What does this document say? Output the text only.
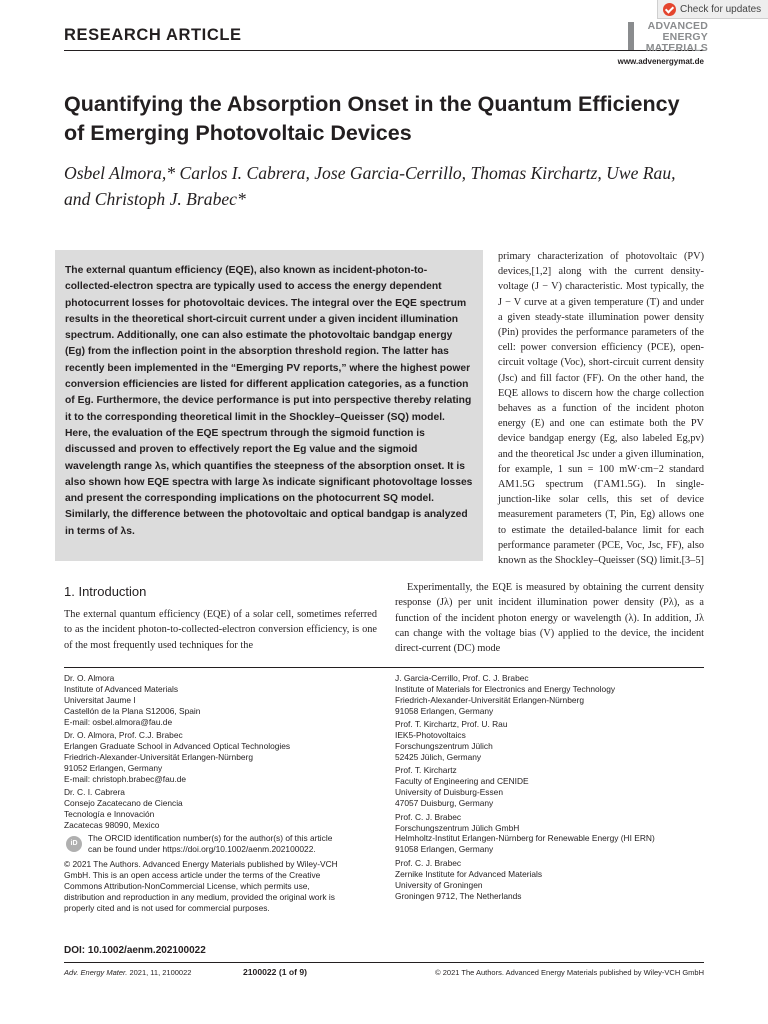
RESEARCH ARTICLE
Check for updates
ADVANCED
ENERGY
MATERIALS
www.advenergymat.de
Quantifying the Absorption Onset in the Quantum Efficiency of Emerging Photovoltaic Devices

Osbel Almora,* Carlos I. Cabrera, Jose Garcia-Cerrillo, Thomas Kirchartz, Uwe Rau, and Christoph J. Brabec*

The external quantum efficiency (EQE), also known as incident-photon-to-collected-electron spectra are typically used to access the energy dependent photocurrent losses for photovoltaic devices. The integral over the EQE spectrum results in the theoretical short-circuit current under a given incident illumination spectrum. Additionally, one can also estimate the photovoltaic bandgap energy (Eg) from the inflection point in the absorption threshold region. The latter has recently been implemented in the “Emerging PV reports,” where the highest power conversion efficiencies are listed for different application categories, as a function of Eg. Furthermore, the device performance is put into perspective thereby relating it to the corresponding theoretical limit in the Shockley–Queisser (SQ) model. Here, the evaluation of the EQE spectrum through the sigmoid function is discussed and proven to effectively report the Eg value and the sigmoid wavelength range λs, which quantifies the steepness of the absorption onset. It is also shown how EQE spectra with large λs indicate significant photovoltage losses and present the corresponding implications on the photocurrent SQ model. Similarly, the difference between the photovoltaic and optical bandgap is analyzed in terms of λs.

primary characterization of photovoltaic (PV) devices,[1,2] along with the current density-voltage (J − V) characteristic. Most typically, the J − V curve at a given temperature (T) and under a given steady-state illumination power density (Pin) provides the performance parameters of the cell: power conversion efficiency (PCE), open-circuit voltage (Voc), short-circuit current density (Jsc) and fill factor (FF). On the other hand, the EQE allows to discern how the charge collection behaves as a function of the incident photon energy (E) and one can estimate both the PV device bandgap energy (Eg, also labeled Eg,pv) and the theoretical Jsc under a given illumination, for example, 1 sun = 100 mW·cm−2 standard AM1.5G spectrum (ΓAM1.5G). In single-junction-like solar cells, this set of device measurement parameters (T, Pin, Eg) allows one to estimate the detailed-balance limit for each performance parameter (PCE, Voc, Jsc, FF), also known as the Shockley–Queisser (SQ) limit.[3–5]

Experimentally, the EQE is measured by obtaining the current density response (Jλ) per unit incident illumination power density (Pλ), as a function of the incident photon energy or wavelength (λ). In addition, Jλ can change with the voltage bias (V) applied to the device, the incident direct-current (DC) mode

1. Introduction

The external quantum efficiency (EQE) of a solar cell, sometimes referred to as the incident photon-to-collected-electron conversion efficiency, is one of the most frequently used techniques for the

Dr. O. Almora
Institute of Advanced Materials
Universitat Jaume I
Castellón de la Plana S12006, Spain
E-mail: osbel.almora@fau.de
Dr. O. Almora, Prof. C.J. Brabec
Erlangen Graduate School in Advanced Optical Technologies
Friedrich-Alexander-Universität Erlangen-Nürnberg
91052 Erlangen, Germany
E-mail: christoph.brabec@fau.de
Dr. C. I. Cabrera
Consejo Zacatecano de Ciencia
Tecnología e Innovación
Zacatecas 98090, Mexico
iD
The ORCID identification number(s) for the author(s) of this article
can be found under https://doi.org/10.1002/aenm.202100022.
© 2021 The Authors. Advanced Energy Materials published by Wiley-VCH
GmbH. This is an open access article under the terms of the Creative
Commons Attribution-NonCommercial License, which permits use,
distribution and reproduction in any medium, provided the original work is
properly cited and is not used for commercial purposes.
J. Garcia-Cerrillo, Prof. C. J. Brabec
Institute of Materials for Electronics and Energy Technology
Friedrich-Alexander-Universität Erlangen-Nürnberg
91058 Erlangen, Germany
Prof. T. Kirchartz, Prof. U. Rau
IEK5-Photovoltaics
Forschungszentrum Jülich
52425 Jülich, Germany
Prof. T. Kirchartz
Faculty of Engineering and CENIDE
University of Duisburg-Essen
47057 Duisburg, Germany
Prof. C. J. Brabec
Forschungszentrum Jülich GmbH
Helmholtz-Institut Erlangen-Nürnberg for Renewable Energy (HI ERN)
91058 Erlangen, Germany
Prof. C. J. Brabec
Zernike Institute for Advanced Materials
University of Groningen
Groningen 9712, The Netherlands
DOI: 10.1002/aenm.202100022
Adv. Energy Mater. 2021, 11, 2100022	2100022 (1 of 9)	© 2021 The Authors. Advanced Energy Materials published by Wiley-VCH GmbH
